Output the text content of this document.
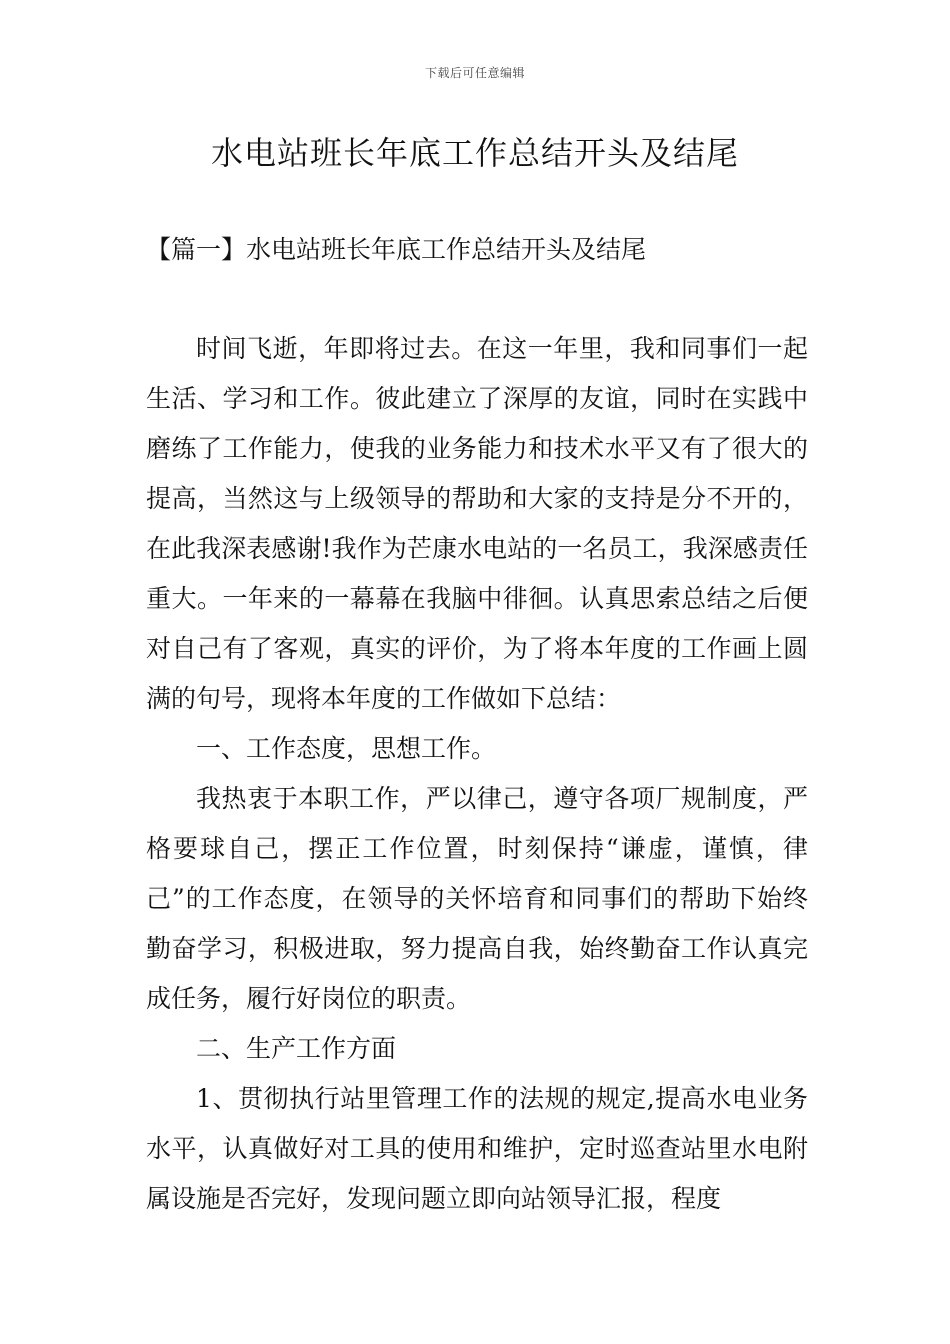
下载后可任意编辑
水电站班长年底工作总结开头及结尾
【篇一】水电站班长年底工作总结开头及结尾

时间飞逝，年即将过去。在这一年里，我和同事们一起生活、学习和工作。彼此建立了深厚的友谊，同时在实践中磨练了工作能力，使我的业务能力和技术水平又有了很大的提高，当然这与上级领导的帮助和大家的支持是分不开的，在此我深表感谢!我作为芒康水电站的一名员工，我深感责任重大。一年来的一幕幕在我脑中徘徊。认真思索总结之后便对自己有了客观，真实的评价，为了将本年度的工作画上圆满的句号，现将本年度的工作做如下总结：

一、工作态度，思想工作。

我热衷于本职工作，严以律己，遵守各项厂规制度，严格要球自己，摆正工作位置，时刻保持“谦虚，谨慎，律己”的工作态度，在领导的关怀培育和同事们的帮助下始终勤奋学习，积极进取，努力提高自我，始终勤奋工作认真完成任务，履行好岗位的职责。

二、生产工作方面

1、贯彻执行站里管理工作的法规的规定,提高水电业务水平，认真做好对工具的使用和维护，定时巡查站里水电附属设施是否完好，发现问题立即向站领导汇报，程度
